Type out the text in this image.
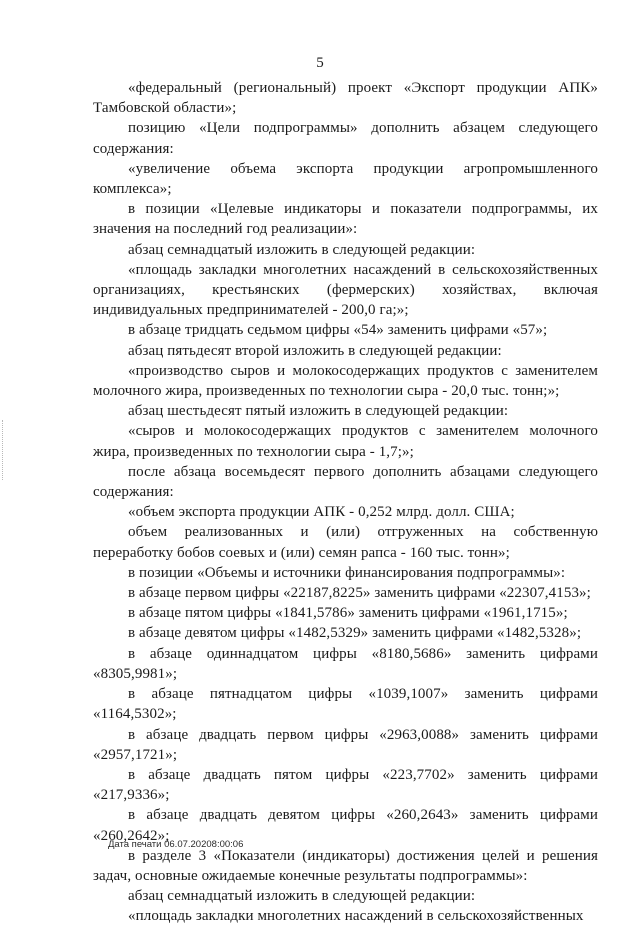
5

«федеральный (региональный) проект «Экспорт продукции АПК» Тамбовской области»;

позицию «Цели подпрограммы» дополнить абзацем следующего содержания:

«увеличение объема экспорта продукции агропромышленного комплекса»;

в позиции «Целевые индикаторы и показатели подпрограммы, их значения на последний год реализации»:

абзац семнадцатый изложить в следующей редакции:

«площадь закладки многолетних насаждений в сельскохозяйственных организациях, крестьянских (фермерских) хозяйствах, включая индивидуальных предпринимателей - 200,0 га;»;

в абзаце тридцать седьмом цифры «54» заменить цифрами «57»;

абзац пятьдесят второй изложить в следующей редакции:

«производство сыров и молокосодержащих продуктов с заменителем молочного жира, произведенных по технологии сыра - 20,0 тыс. тонн;»;

абзац шестьдесят пятый изложить в следующей редакции:

«сыров и молокосодержащих продуктов с заменителем молочного жира, произведенных по технологии сыра - 1,7;»;

после абзаца восемьдесят первого дополнить абзацами следующего содержания:

«объем экспорта продукции АПК - 0,252 млрд. долл. США;

объем реализованных и (или) отгруженных на собственную переработку бобов соевых и (или) семян рапса - 160 тыс. тонн»;

в позиции «Объемы и источники финансирования подпрограммы»:

в абзаце первом цифры «22187,8225» заменить цифрами «22307,4153»;

в абзаце пятом цифры «1841,5786» заменить цифрами «1961,1715»;

в абзаце девятом цифры «1482,5329» заменить цифрами «1482,5328»;

в абзаце одиннадцатом цифры «8180,5686» заменить цифрами «8305,9981»;

в абзаце пятнадцатом цифры «1039,1007» заменить цифрами «1164,5302»;

в абзаце двадцать первом цифры «2963,0088» заменить цифрами «2957,1721»;

в абзаце двадцать пятом цифры «223,7702» заменить цифрами «217,9336»;

в абзаце двадцать девятом цифры «260,2643» заменить цифрами «260,2642»;

в разделе 3 «Показатели (индикаторы) достижения целей и решения задач, основные ожидаемые конечные результаты подпрограммы»:

абзац семнадцатый изложить в следующей редакции:

«площадь закладки многолетних насаждений в сельскохозяйственных

Дата печати 06.07.20208:00:06
